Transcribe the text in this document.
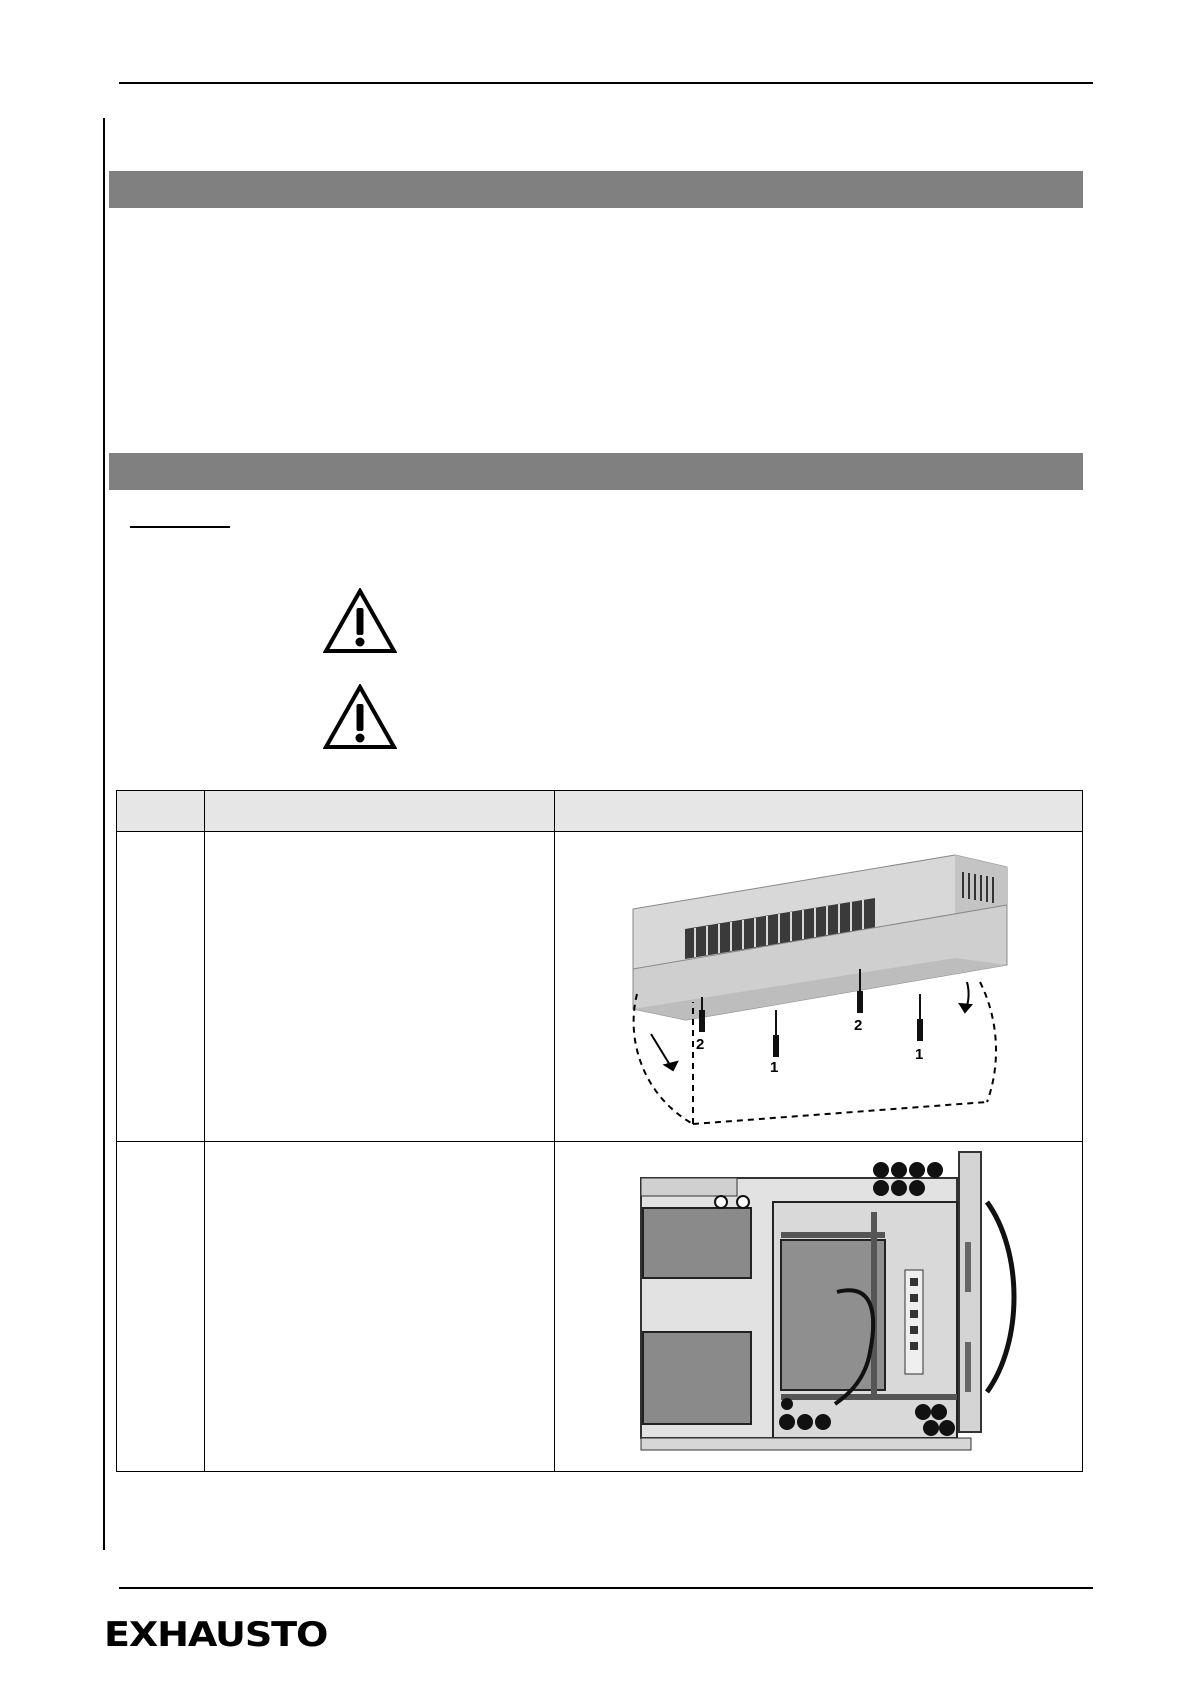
2
1
2
1

EXHAUSTO
